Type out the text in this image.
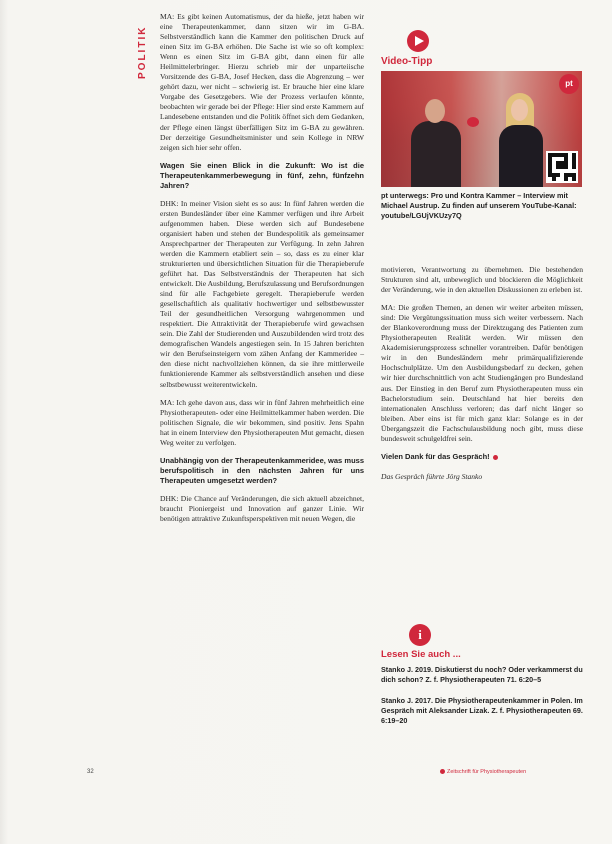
POLITIK

MA: Es gibt keinen Automatismus, der da hieße, jetzt haben wir eine Therapeutenkammer, dann sitzen wir im G-BA. Selbstverständlich kann die Kammer den politischen Druck auf einen Sitz im G-BA erhöhen. Die Sache ist wie so oft komplex: Wenn es einen Sitz im G-BA gibt, dann einen für alle Heilmittelerbringer. Hierzu schrieb mir der unparteiische Vorsitzende des G-BA, Josef Hecken, dass die Abgrenzung – wer gehört dazu, wer nicht – schwierig ist. Er brauche hier eine klare Vorgabe des Gesetzgebers. Wie der Prozess verlaufen könnte, beobachten wir gerade bei der Pflege: Hier sind erste Kammern auf Landesebene entstanden und die Politik öffnet sich dem Gedanken, der Pflege einen längst überfälligen Sitz im G-BA zu gewähren. Der derzeitige Gesundheitsminister und sein Kollege in NRW zeigen sich hier sehr offen.

Wagen Sie einen Blick in die Zukunft: Wo ist die Therapeutenkammerbewegung in fünf, zehn, fünfzehn Jahren?

DHK: In meiner Vision sieht es so aus: In fünf Jahren werden die ersten Bundesländer über eine Kammer verfügen und ihre Arbeit aufgenommen haben. Diese werden sich auf Bundesebene organisiert haben und stehen der Bundespolitik als gemeinsamer Ansprechpartner der Therapeuten zur Verfügung. In zehn Jahren werden die Kammern etabliert sein – so, dass es zu einer klar strukturierten und übersichtlichen Situation für die Therapieberufe geführt hat. Das Selbstverständnis der Therapeuten hat sich entwickelt. Die Ausbildung, Berufszulassung und Berufsordnungen sind für alle Fachgebiete geregelt. Therapieberufe werden gesellschaftlich als qualitativ hochwertiger und selbstbewusster Teil der gesundheitlichen Versorgung wahrgenommen und respektiert. Die Attraktivität der Therapieberufe wird gewachsen sein. Die Zahl der Studierenden und Auszubildenden wird trotz des demografischen Wandels angestiegen sein. In 15 Jahren berichten wir den Berufseinsteigern vom zähen Anfang der Kammeridee – den diese nicht nachvollziehen können, da sie ihre mittlerweile funktionierende Kammer als selbstverständlich ansehen und diese selbstbewusst weiterentwickeln.

MA: Ich gehe davon aus, dass wir in fünf Jahren mehrheitlich eine Physiotherapeuten- oder eine Heilmittelkammer haben werden. Die politischen Signale, die wir bekommen, sind positiv. Jens Spahn hat in einem Interview den Physiotherapeuten Mut gemacht, diesen Weg weiter zu verfolgen.

Unabhängig von der Therapeutenkammeridee, was muss berufspolitisch in den nächsten Jahren für uns Therapeuten umgesetzt werden?

DHK: Die Chance auf Veränderungen, die sich aktuell abzeichnet, braucht Pioniergeist und Innovation auf ganzer Linie. Wir benötigen attraktive Zukunftsperspektiven mit neuen Wegen, die

Video-Tipp
pt
pt unterwegs: Pro und Kontra Kammer – Interview mit Michael Austrup. Zu finden auf unserem YouTube-Kanal: youtube/LGUjVKUzy7Q

motivieren, Verantwortung zu übernehmen. Die bestehenden Strukturen sind alt, unbeweglich und blockieren die Möglichkeit der Veränderung, wie in den aktuellen Diskussionen zu erleben ist.

MA: Die großen Themen, an denen wir weiter arbeiten müssen, sind: Die Vergütungssituation muss sich weiter verbessern. Nach der Blankoverordnung muss der Direktzugang des Patienten zum Physiotherapeuten Realität werden. Wir müssen den Akademisierungsprozess schneller vorantreiben. Dafür benötigen wir in den Bundesländern mehr primärqualifizierende Hochschulplätze. Um den Ausbildungsbedarf zu decken, gehen wir hier durchschnittlich von acht Studiengängen pro Bundesland aus. Der Einstieg in den Beruf zum Physiotherapeuten muss ein Bachelorstudium sein. Deutschland hat hier bereits den internationalen Anschluss verloren; das darf nicht länger so bleiben. Aber eins ist für mich ganz klar: Solange es in der Übergangszeit die Fachschulausbildung noch gibt, muss diese bundesweit schulgeldfrei sein.

Vielen Dank für das Gespräch!

Das Gespräch führte Jörg Stanko

i
Lesen Sie auch ...
Stanko J. 2019. Diskutierst du noch? Oder verkammerst du dich schon? Z. f. Physiotherapeuten 71. 6:20–5
Stanko J. 2017. Die Physiotherapeutenkammer in Polen. Im Gespräch mit Aleksander Lizak. Z. f. Physiotherapeuten 69. 6:19–20
32	Zeitschrift für Physiotherapeuten
